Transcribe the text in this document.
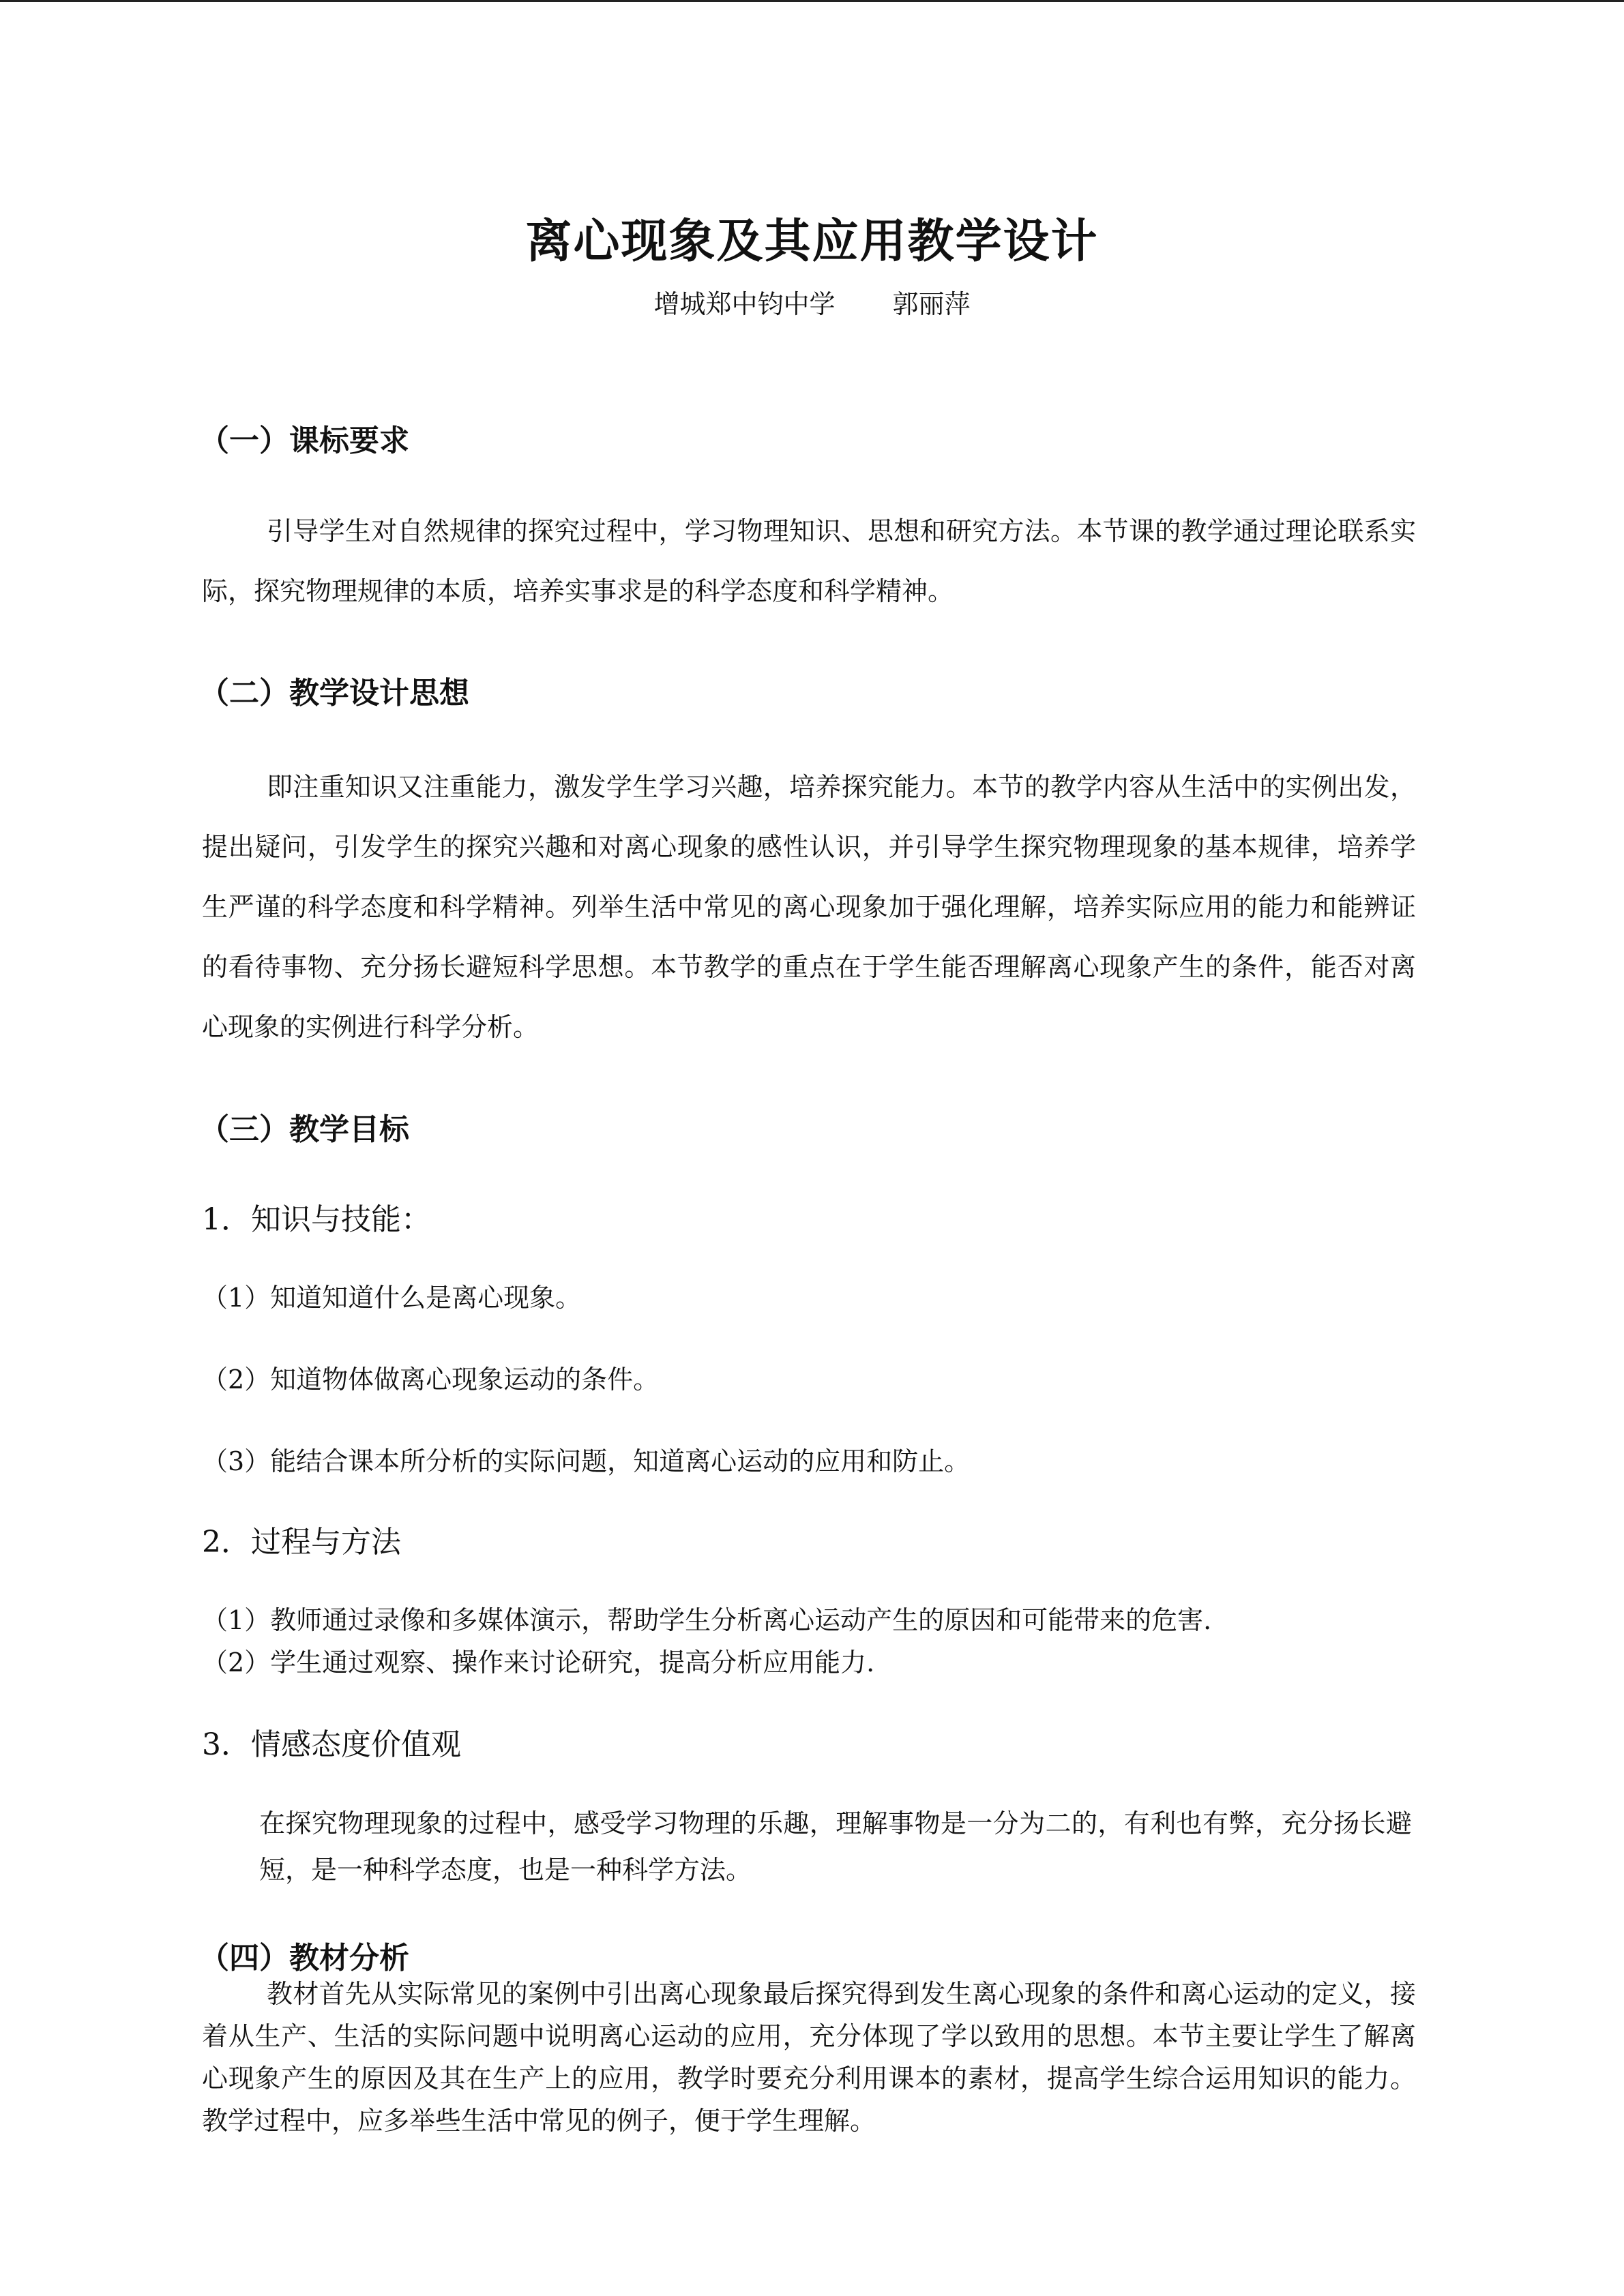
离心现象及其应用教学设计
增城郑中钧中学 郭丽萍
（一）课标要求

引导学生对自然规律的探究过程中，学习物理知识、思想和研究方法。本节课的教学通过理论联系实际，探究物理规律的本质，培养实事求是的科学态度和科学精神。

（二）教学设计思想

即注重知识又注重能力，激发学生学习兴趣，培养探究能力。本节的教学内容从生活中的实例出发，提出疑问，引发学生的探究兴趣和对离心现象的感性认识，并引导学生探究物理现象的基本规律，培养学生严谨的科学态度和科学精神。列举生活中常见的离心现象加于强化理解，培养实际应用的能力和能辨证的看待事物、充分扬长避短科学思想。本节教学的重点在于学生能否理解离心现象产生的条件，能否对离心现象的实例进行科学分析。

（三）教学目标
1．知识与技能：
（1）知道知道什么是离心现象。
（2）知道物体做离心现象运动的条件。
（3）能结合课本所分析的实际问题，知道离心运动的应用和防止。
2．过程与方法
（1）教师通过录像和多媒体演示，帮助学生分析离心运动产生的原因和可能带来的危害.
（2）学生通过观察、操作来讨论研究，提高分析应用能力.
3．情感态度价值观

在探究物理现象的过程中，感受学习物理的乐趣，理解事物是一分为二的，有利也有弊，充分扬长避短，是一种科学态度，也是一种科学方法。

（四）教材分析

教材首先从实际常见的案例中引出离心现象最后探究得到发生离心现象的条件和离心运动的定义，接着从生产、生活的实际问题中说明离心运动的应用，充分体现了学以致用的思想。本节主要让学生了解离心现象产生的原因及其在生产上的应用，教学时要充分利用课本的素材，提高学生综合运用知识的能力。教学过程中，应多举些生活中常见的例子，便于学生理解。
